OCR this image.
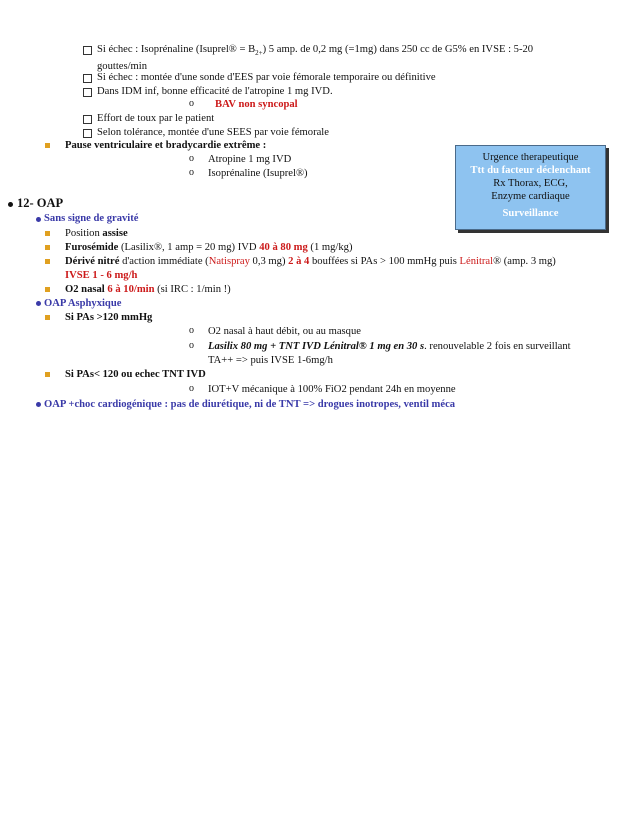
Si échec : Isoprénaline (Isuprel® = $B_{2+}$) 5 amp. de 0,2 mg (=1mg) dans 250 cc de G5% en IVSE : 5-20
gouttes/min
Si échec : montée d'une sonde d'EES par voie fémorale temporaire ou définitive
Dans IDM inf, bonne efficacité de l'atropine 1 mg IVD.
o BAV non syncopal
Effort de toux par le patient
Selon tolérance, montée d'une SEES par voie fémorale
Pause ventriculaire et bradycardie extrême :
o Atropine 1 mg IVD
o Isoprénaline (Isuprel®)
Urgence therapeutique
Ttt du facteur déclenchant
Rx Thorax, ECG,
Enzyme cardiaque
Surveillance
12- OAP
Sans signe de gravité
Position assise
Furosémide (Lasilix®, 1 amp = 20 mg) IVD 40 à 80 mg (1 mg/kg)
Dérivé nitré d'action immédiate (Natispray 0,3 mg) 2 à 4 bouffées si PAs > 100 mmHg puis Lénitral® (amp. 3 mg)
IVSE 1 - 6 mg/h
O2 nasal 6 à 10/min (si IRC : 1/min !)
OAP Asphyxique
Si PAs >120 mmHg
o O2 nasal à haut débit, ou au masque
o Lasilix 80 mg + TNT IVD Lénitral® 1 mg en 30 s. renouvelable 2 fois en surveillant
TA++ => puis IVSE 1-6mg/h
Si PAs< 120 ou echec TNT IVD
o IOT+V mécanique à 100% FiO2 pendant 24h en moyenne
OAP +choc cardiogénique : pas de diurétique, ni de TNT => drogues inotropes, ventil méca
